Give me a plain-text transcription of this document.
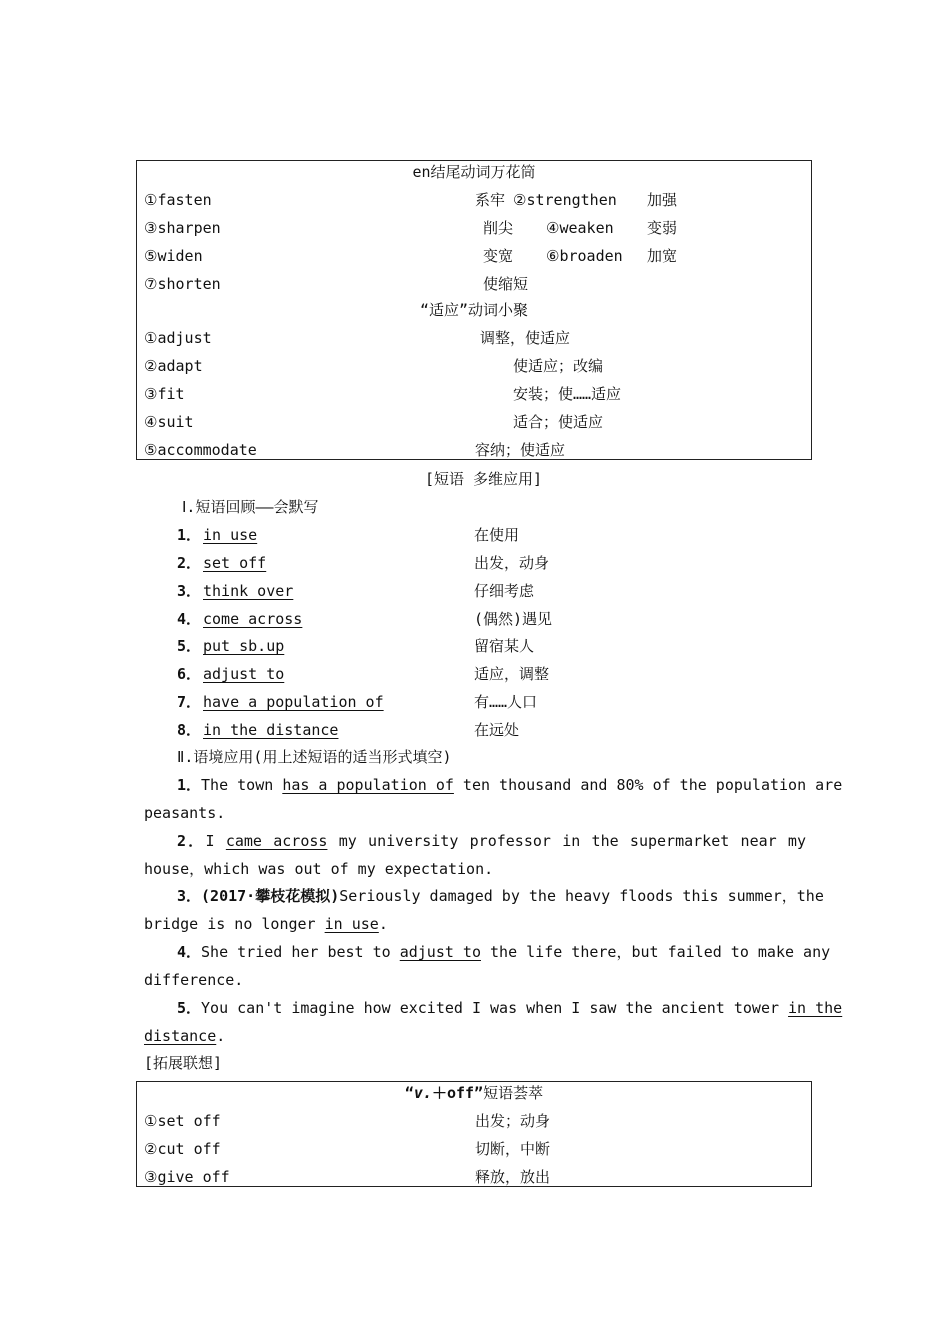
en结尾动词万花筒
①fasten	系牢 ②strengthen 加强
③sharpen	削尖 ④weaken 变弱
⑤widen	变宽 ⑥broaden 加宽
⑦shorten	使缩短
“适应”动词小聚
①adjust	调整，使适应
②adapt	使适应；改编
③fit	安装；使……适应
④suit	适合；使适应
⑤accommodate	容纳；使适应
[短语 多维应用]
Ⅰ.短语回顾——会默写
1． in use	在使用
2． set off	出发，动身
3． think over	仔细考虑
4． come across	(偶然)遇见
5． put sb.up	留宿某人
6． adjust to	适应，调整
7． have a population of	有……人口
8． in the distance	在远处
Ⅱ.语境应用(用上述短语的适当形式填空)
1．The town has a population of ten thousand and 80% of the population are
peasants.
2．I came across my university professor in the supermarket near my
house，which was out of my expectation.
3．(2017·攀枝花模拟)Seriously damaged by the heavy floods this summer，the
bridge is no longer in use.
4．She tried her best to adjust to the life there，but failed to make any
difference.
5．You can't imagine how excited I was when I saw the ancient tower in the
distance.
[拓展联想]
“v.＋off”短语荟萃
①set off	出发；动身
②cut off	切断，中断
③give off	释放，放出
